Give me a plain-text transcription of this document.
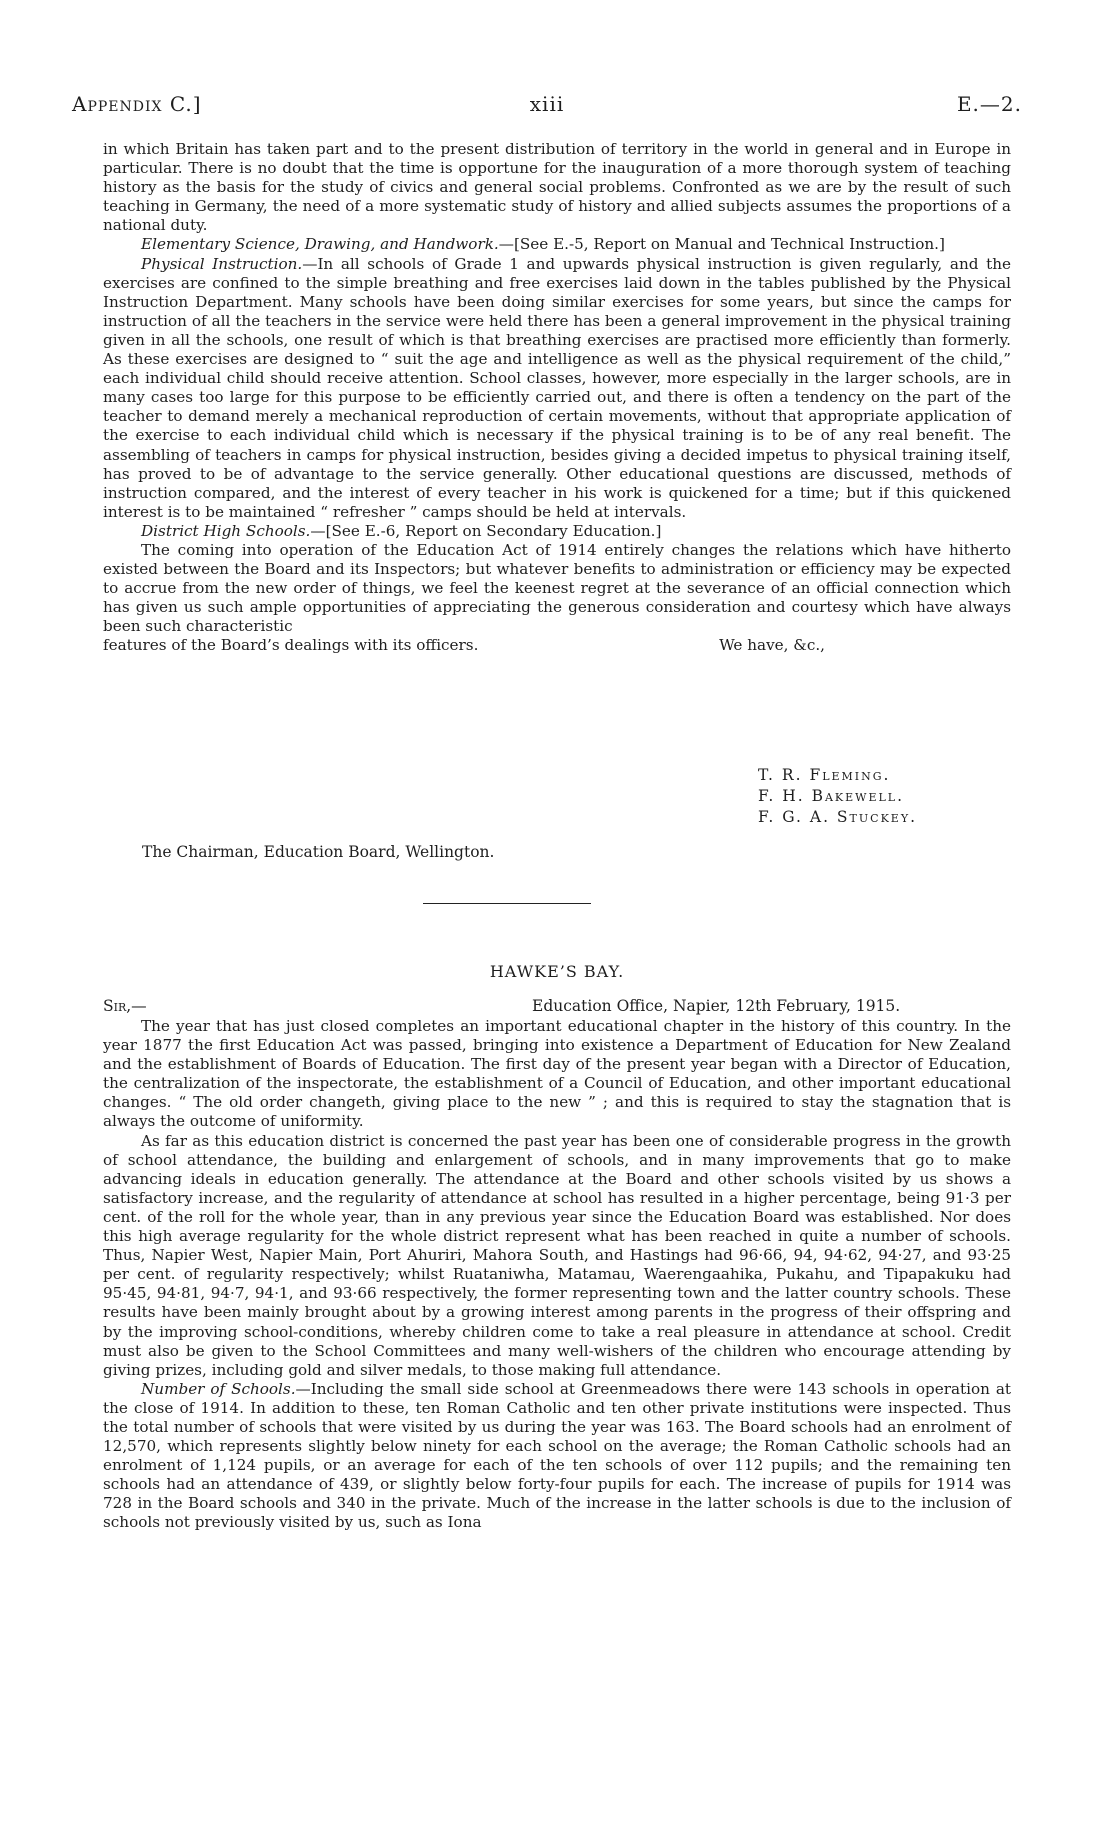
Appendix C.]	xiii	E.—2.

in which Britain has taken part and to the present distribution of territory in the world in general and in Europe in particular. There is no doubt that the time is opportune for the inauguration of a more thorough system of teaching history as the basis for the study of civics and general social problems. Confronted as we are by the result of such teaching in Germany, the need of a more systematic study of history and allied subjects assumes the proportions of a national duty.

Elementary Science, Drawing, and Handwork.—[See E.-5, Report on Manual and Technical Instruction.]

Physical Instruction.—In all schools of Grade 1 and upwards physical instruction is given regularly, and the exercises are confined to the simple breathing and free exercises laid down in the tables published by the Physical Instruction Department. Many schools have been doing similar exercises for some years, but since the camps for instruction of all the teachers in the service were held there has been a general improvement in the physical training given in all the schools, one result of which is that breathing exercises are practised more efficiently than formerly. As these exercises are designed to “ suit the age and intelligence as well as the physical requirement of the child,” each individual child should receive attention. School classes, however, more especially in the larger schools, are in many cases too large for this purpose to be efficiently carried out, and there is often a tendency on the part of the teacher to demand merely a mechanical reproduction of certain movements, without that appropriate application of the exercise to each individual child which is necessary if the physical training is to be of any real benefit. The assembling of teachers in camps for physical instruction, besides giving a decided impetus to physical training itself, has proved to be of advantage to the service generally. Other educational questions are discussed, methods of instruction compared, and the interest of every teacher in his work is quickened for a time; but if this quickened interest is to be maintained “ refresher ” camps should be held at intervals.

District High Schools.—[See E.-6, Report on Secondary Education.]

The coming into operation of the Education Act of 1914 entirely changes the relations which have hitherto existed between the Board and its Inspectors; but whatever benefits to administration or efficiency may be expected to accrue from the new order of things, we feel the keenest regret at the severance of an official connection which has given us such ample opportunities of appreciating the generous consideration and courtesy which have always been such characteristic

features of the Board’s dealings with its officers.	We have, &c.,

T. R. Fleming.
F. H. Bakewell.
F. G. A. Stuckey.
The Chairman, Education Board, Wellington.
HAWKE’S BAY.
Sir,—	Education Office, Napier, 12th February, 1915.

The year that has just closed completes an important educational chapter in the history of this country. In the year 1877 the first Education Act was passed, bringing into existence a Department of Education for New Zealand and the establishment of Boards of Education. The first day of the present year began with a Director of Education, the centralization of the inspectorate, the establishment of a Council of Education, and other important educational changes. “ The old order changeth, giving place to the new ” ; and this is required to stay the stagnation that is always the outcome of uniformity.

As far as this education district is concerned the past year has been one of considerable progress in the growth of school attendance, the building and enlargement of schools, and in many improvements that go to make advancing ideals in education generally. The attendance at the Board and other schools visited by us shows a satisfactory increase, and the regularity of attendance at school has resulted in a higher percentage, being 91·3 per cent. of the roll for the whole year, than in any previous year since the Education Board was established. Nor does this high average regularity for the whole district represent what has been reached in quite a number of schools. Thus, Napier West, Napier Main, Port Ahuriri, Mahora South, and Hastings had 96·66, 94, 94·62, 94·27, and 93·25 per cent. of regularity respectively; whilst Ruataniwha, Matamau, Waerengaahika, Pukahu, and Tipapakuku had 95·45, 94·81, 94·7, 94·1, and 93·66 respectively, the former representing town and the latter country schools. These results have been mainly brought about by a growing interest among parents in the progress of their offspring and by the improving school-conditions, whereby children come to take a real pleasure in attendance at school. Credit must also be given to the School Committees and many well-wishers of the children who encourage attending by giving prizes, including gold and silver medals, to those making full attendance.

Number of Schools.—Including the small side school at Greenmeadows there were 143 schools in operation at the close of 1914. In addition to these, ten Roman Catholic and ten other private institutions were inspected. Thus the total number of schools that were visited by us during the year was 163. The Board schools had an enrolment of 12,570, which represents slightly below ninety for each school on the average; the Roman Catholic schools had an enrolment of 1,124 pupils, or an average for each of the ten schools of over 112 pupils; and the remaining ten schools had an attendance of 439, or slightly below forty-four pupils for each. The increase of pupils for 1914 was 728 in the Board schools and 340 in the private. Much of the increase in the latter schools is due to the inclusion of schools not previously visited by us, such as Iona
